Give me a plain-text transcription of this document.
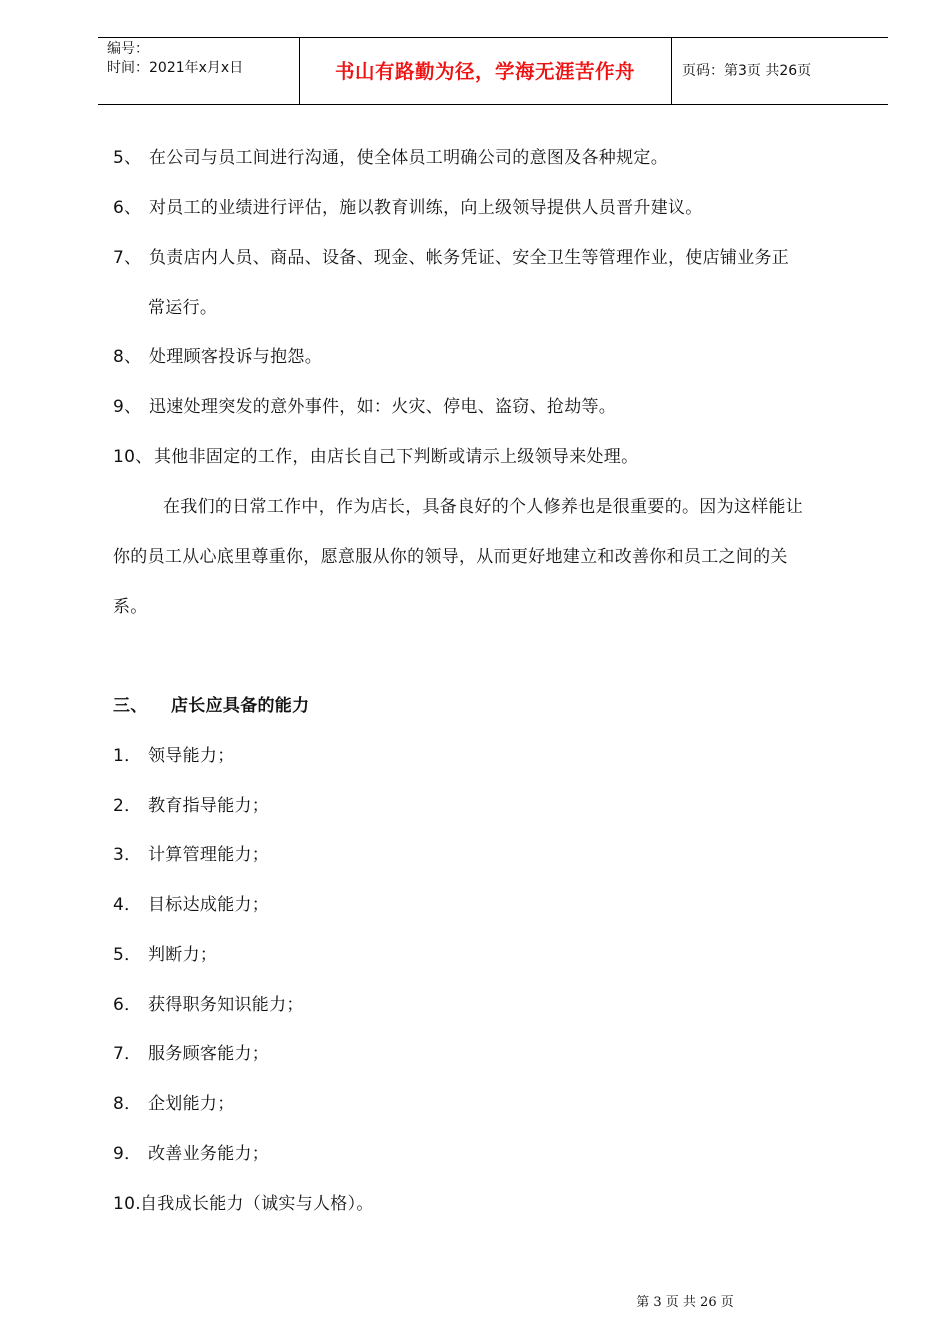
编号：
时间：2021年x月x日	书山有路勤为径，学海无涯苦作舟	页码：第3页 共26页
5、 在公司与员工间进行沟通，使全体员工明确公司的意图及各种规定。
6、 对员工的业绩进行评估，施以教育训练，向上级领导提供人员晋升建议。
7、 负责店内人员、商品、设备、现金、帐务凭证、安全卫生等管理作业，使店铺业务正
常运行。
8、 处理顾客投诉与抱怨。
9、 迅速处理突发的意外事件，如：火灾、停电、盗窃、抢劫等。
10、其他非固定的工作，由店长自己下判断或请示上级领导来处理。
在我们的日常工作中，作为店长，具备良好的个人修养也是很重要的。因为这样能让
你的员工从心底里尊重你，愿意服从你的领导，从而更好地建立和改善你和员工之间的关
系。
三、 店长应具备的能力
1． 领导能力；
2． 教育指导能力；
3． 计算管理能力；
4． 目标达成能力；
5． 判断力；
6． 获得职务知识能力；
7． 服务顾客能力；
8． 企划能力；
9． 改善业务能力；
10.自我成长能力（诚实与人格）。
第 3 页 共 26 页
